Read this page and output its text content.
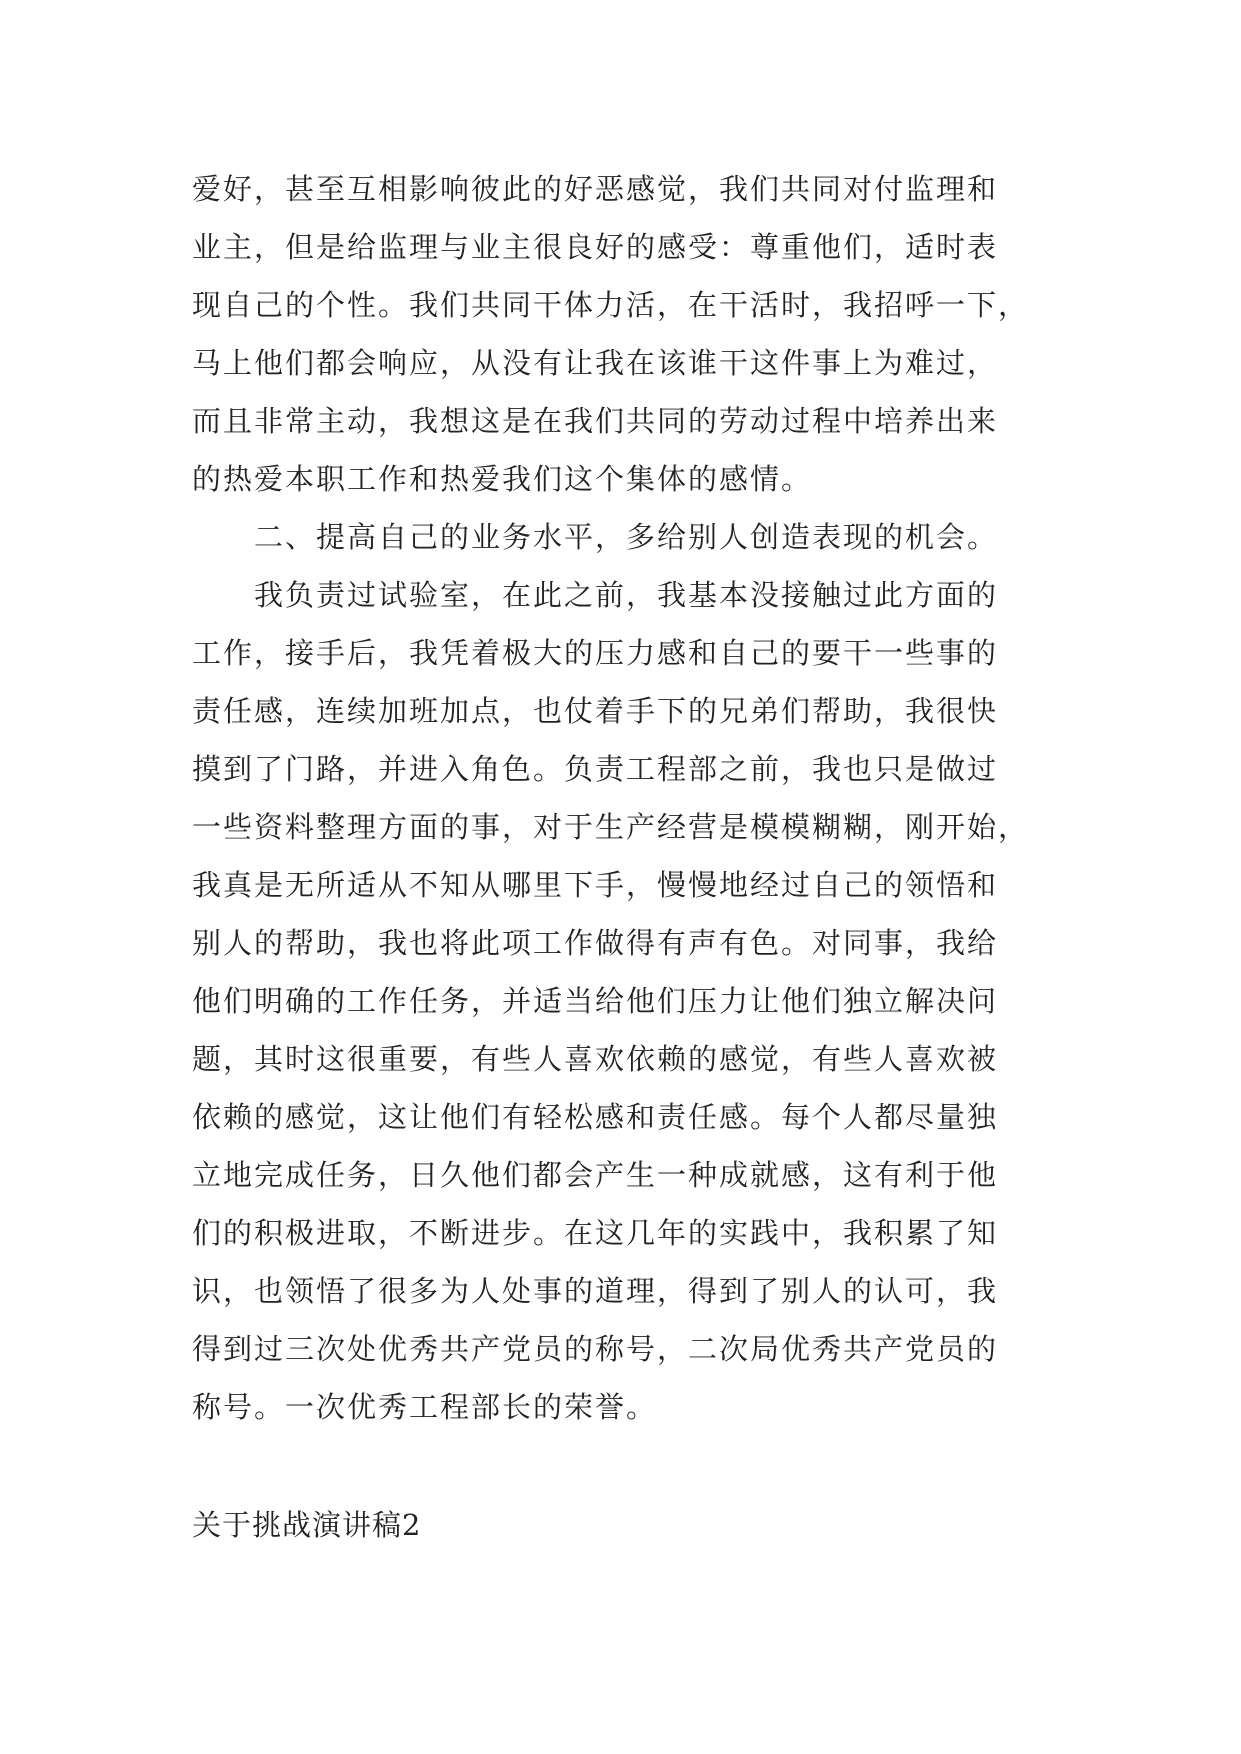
爱好，甚至互相影响彼此的好恶感觉，我们共同对付监理和
业主，但是给监理与业主很良好的感受：尊重他们，适时表
现自己的个性。我们共同干体力活，在干活时，我招呼一下，
马上他们都会响应，从没有让我在该谁干这件事上为难过，
而且非常主动，我想这是在我们共同的劳动过程中培养出来
的热爱本职工作和热爱我们这个集体的感情。
二、提高自己的业务水平，多给别人创造表现的机会。
我负责过试验室，在此之前，我基本没接触过此方面的
工作，接手后，我凭着极大的压力感和自己的要干一些事的
责任感，连续加班加点，也仗着手下的兄弟们帮助，我很快
摸到了门路，并进入角色。负责工程部之前，我也只是做过
一些资料整理方面的事，对于生产经营是模模糊糊，刚开始，
我真是无所适从不知从哪里下手，慢慢地经过自己的领悟和
别人的帮助，我也将此项工作做得有声有色。对同事，我给
他们明确的工作任务，并适当给他们压力让他们独立解决问
题，其时这很重要，有些人喜欢依赖的感觉，有些人喜欢被
依赖的感觉，这让他们有轻松感和责任感。每个人都尽量独
立地完成任务，日久他们都会产生一种成就感，这有利于他
们的积极进取，不断进步。在这几年的实践中，我积累了知
识，也领悟了很多为人处事的道理，得到了别人的认可，我
得到过三次处优秀共产党员的称号，二次局优秀共产党员的
称号。一次优秀工程部长的荣誉。
关于挑战演讲稿2
